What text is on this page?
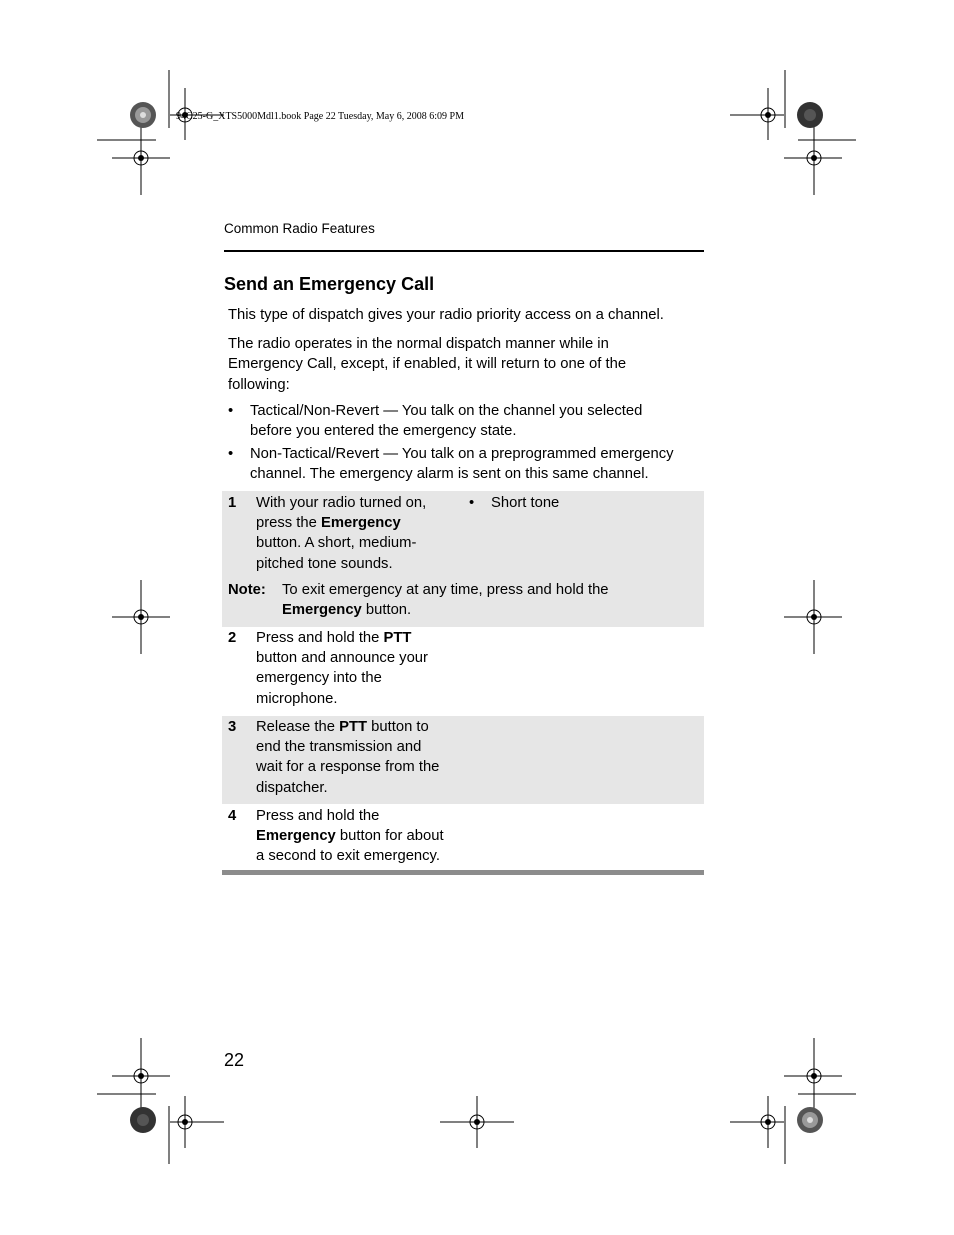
94C25-G_XTS5000Mdl1.book Page 22 Tuesday, May 6, 2008 6:09 PM
Common Radio Features
Send an Emergency Call
This type of dispatch gives your radio priority access on a channel.
The radio operates in the normal dispatch manner while in
Emergency Call, except, if enabled, it will return to one of the
following:
• Tactical/Non-Revert — You talk on the channel you selected
before you entered the emergency state.
• Non-Tactical/Revert — You talk on a preprogrammed emergency
channel. The emergency alarm is sent on this same channel.
1 With your radio turned on,
press the Emergency
button. A short, medium-
pitched tone sounds.
• Short tone
Note: To exit emergency at any time, press and hold the
Emergency button.
2 Press and hold the PTT
button and announce your
emergency into the
microphone.
3 Release the PTT button to
end the transmission and
wait for a response from the
dispatcher.
4 Press and hold the
Emergency button for about
a second to exit emergency.
22
